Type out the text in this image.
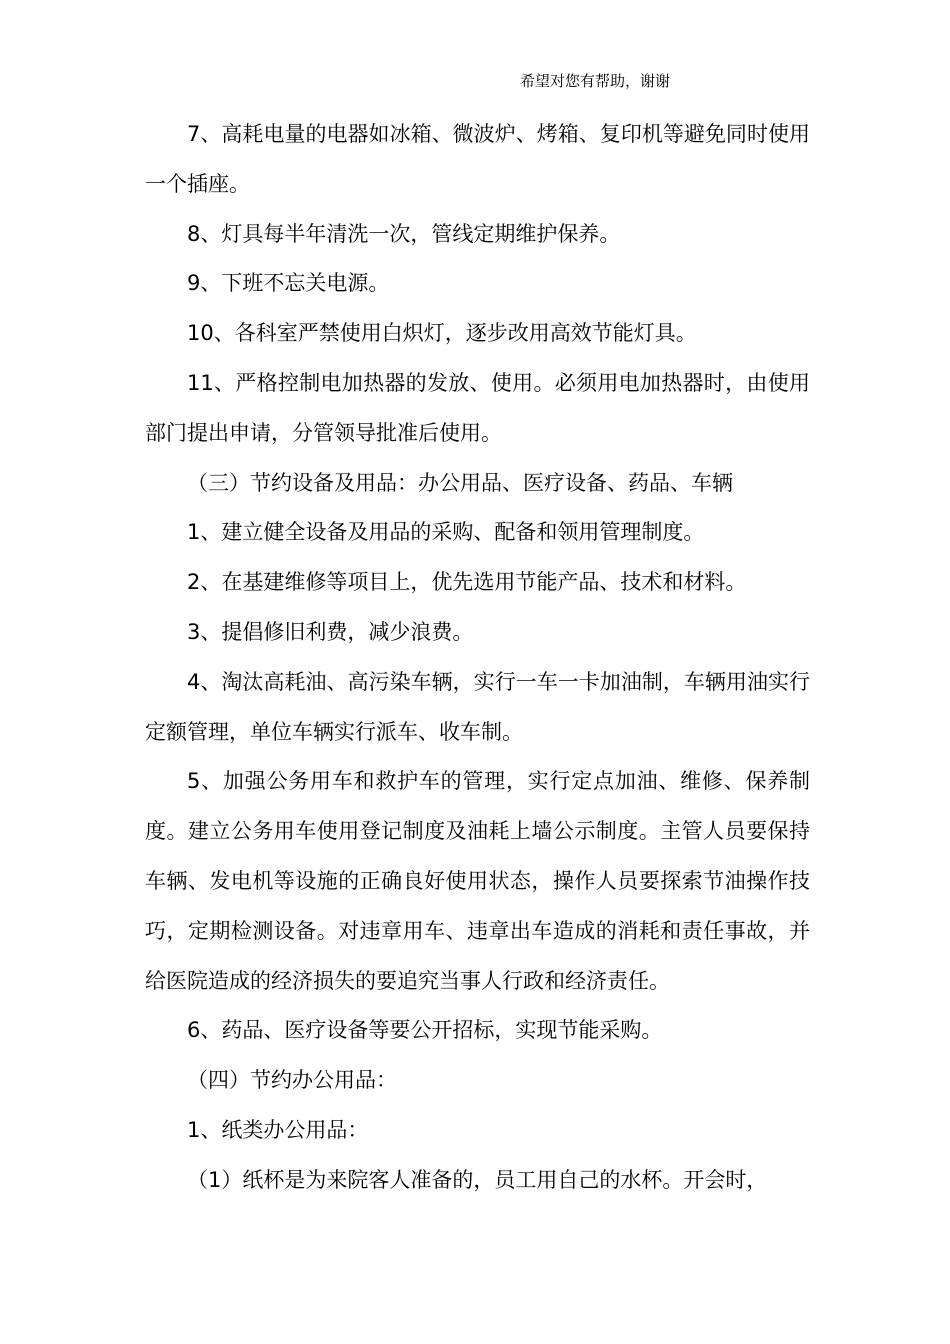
希望对您有帮助，谢谢

7、高耗电量的电器如冰箱、微波炉、烤箱、复印机等避免同时使用一个插座。

8、灯具每半年清洗一次，管线定期维护保养。

9、下班不忘关电源。

10、各科室严禁使用白炽灯，逐步改用高效节能灯具。

11、严格控制电加热器的发放、使用。必须用电加热器时，由使用部门提出申请，分管领导批准后使用。

（三）节约设备及用品：办公用品、医疗设备、药品、车辆

1、建立健全设备及用品的采购、配备和领用管理制度。

2、在基建维修等项目上，优先选用节能产品、技术和材料。

3、提倡修旧利费，减少浪费。

4、淘汰高耗油、高污染车辆，实行一车一卡加油制，车辆用油实行定额管理，单位车辆实行派车、收车制。

5、加强公务用车和救护车的管理，实行定点加油、维修、保养制度。建立公务用车使用登记制度及油耗上墙公示制度。主管人员要保持车辆、发电机等设施的正确良好使用状态，操作人员要探索节油操作技巧，定期检测设备。对违章用车、违章出车造成的消耗和责任事故，并给医院造成的经济损失的要追究当事人行政和经济责任。

6、药品、医疗设备等要公开招标，实现节能采购。

（四）节约办公用品：

1、纸类办公用品：

（1）纸杯是为来院客人准备的，员工用自己的水杯。开会时，
